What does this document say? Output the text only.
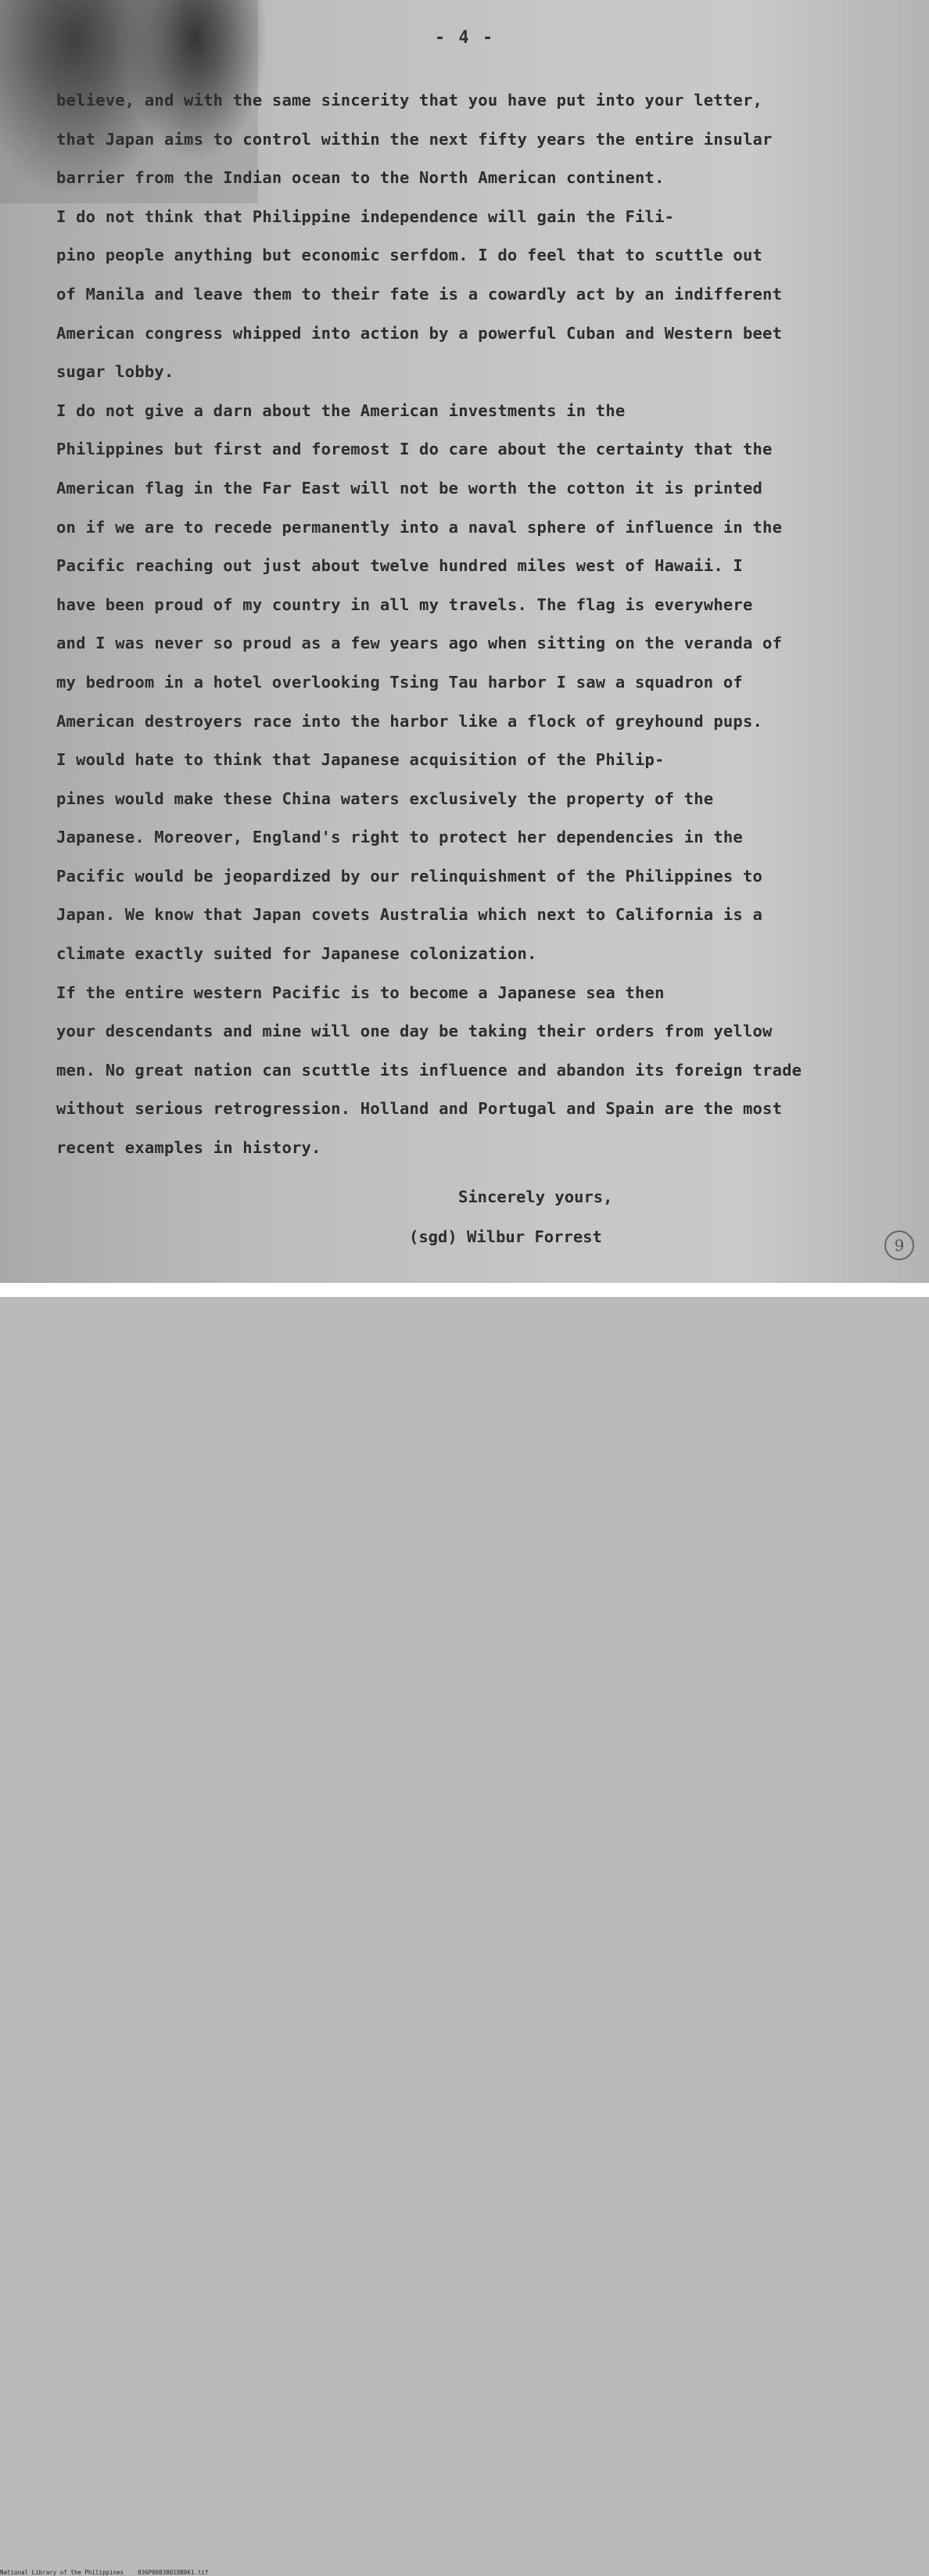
- 4 -

believe, and with the same sincerity that you have put into your letter,
that Japan aims to control within the next fifty years the entire insular
barrier from the Indian ocean to the North American continent.

I do not think that Philippine independence will gain the Fili-
pino people anything but economic serfdom. I do feel that to scuttle out
of Manila and leave them to their fate is a cowardly act by an indifferent
American congress whipped into action by a powerful Cuban and Western beet
sugar lobby.

I do not give a darn about the American investments in the
Philippines but first and foremost I do care about the certainty that the
American flag in the Far East will not be worth the cotton it is printed
on if we are to recede permanently into a naval sphere of influence in the
Pacific reaching out just about twelve hundred miles west of Hawaii. I
have been proud of my country in all my travels. The flag is everywhere
and I was never so proud as a few years ago when sitting on the veranda of
my bedroom in a hotel overlooking Tsing Tau harbor I saw a squadron of
American destroyers race into the harbor like a flock of greyhound pups.

I would hate to think that Japanese acquisition of the Philip-
pines would make these China waters exclusively the property of the
Japanese. Moreover, England's right to protect her dependencies in the
Pacific would be jeopardized by our relinquishment of the Philippines to
Japan. We know that Japan covets Australia which next to California is a
climate exactly suited for Japanese colonization.

If the entire western Pacific is to become a Japanese sea then
your descendants and mine will one day be taking their orders from yellow
men. No great nation can scuttle its influence and abandon its foreign trade
without serious retrogression. Holland and Portugal and Spain are the most
recent examples in history.

Sincerely yours,
(sgd) Wilbur Forrest	9
National Library of the Philippines 036P00038018B061.tif
